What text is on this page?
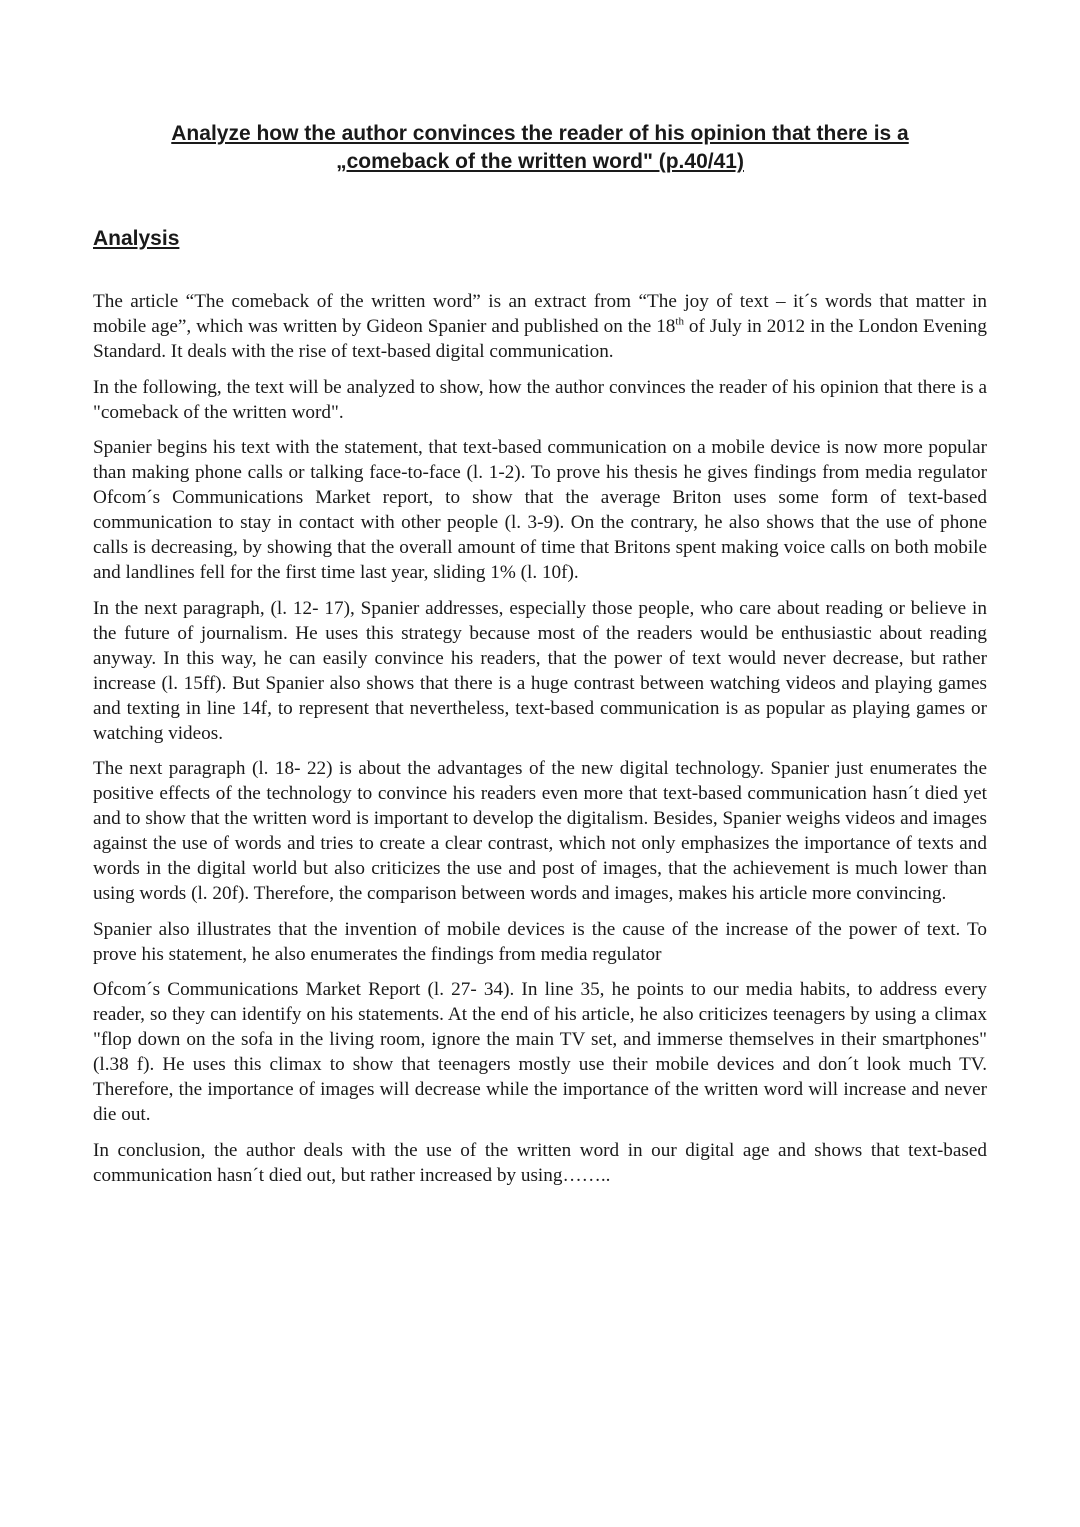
Analyze how the author convinces the reader of his opinion that there is a
„comeback of the written word" (p.40/41)
Analysis

The article “The comeback of the written word” is an extract from “The joy of text – it´s words that matter in mobile age”, which was written by Gideon Spanier and published on the 18th of July in 2012 in the London Evening Standard. It deals with the rise of text-based digital communication.

In the following, the text will be analyzed to show, how the author convinces the reader of his opinion that there is a "comeback of the written word".

Spanier begins his text with the statement, that text-based communication on a mobile device is now more popular than making phone calls or talking face-to-face (l. 1-2). To prove his thesis he gives findings from media regulator Ofcom´s Communications Market report, to show that the average Briton uses some form of text-based communication to stay in contact with other people (l. 3-9). On the contrary, he also shows that the use of phone calls is decreasing, by showing that the overall amount of time that Britons spent making voice calls on both mobile and landlines fell for the first time last year, sliding 1% (l. 10f).

In the next paragraph, (l. 12- 17), Spanier addresses, especially those people, who care about reading or believe in the future of journalism. He uses this strategy because most of the readers would be enthusiastic about reading anyway. In this way, he can easily convince his readers, that the power of text would never decrease, but rather increase (l. 15ff). But Spanier also shows that there is a huge contrast between watching videos and playing games and texting in line 14f, to represent that nevertheless, text-based communication is as popular as playing games or watching videos.

The next paragraph (l. 18- 22) is about the advantages of the new digital technology. Spanier just enumerates the positive effects of the technology to convince his readers even more that text-based communication hasn´t died yet and to show that the written word is important to develop the digitalism. Besides, Spanier weighs videos and images against the use of words and tries to create a clear contrast, which not only emphasizes the importance of texts and words in the digital world but also criticizes the use and post of images, that the achievement is much lower than using words (l. 20f). Therefore, the comparison between words and images, makes his article more convincing.

Spanier also illustrates that the invention of mobile devices is the cause of the increase of the power of text. To prove his statement, he also enumerates the findings from media regulator

Ofcom´s Communications Market Report (l. 27- 34). In line 35, he points to our media habits, to address every reader, so they can identify on his statements. At the end of his article, he also criticizes teenagers by using a climax "flop down on the sofa in the living room, ignore the main TV set, and immerse themselves in their smartphones"(l.38 f). He uses this climax to show that teenagers mostly use their mobile devices and don´t look much TV. Therefore, the importance of images will decrease while the importance of the written word will increase and never die out.

In conclusion, the author deals with the use of the written word in our digital age and shows that text-based communication hasn´t died out, but rather increased by using……..
